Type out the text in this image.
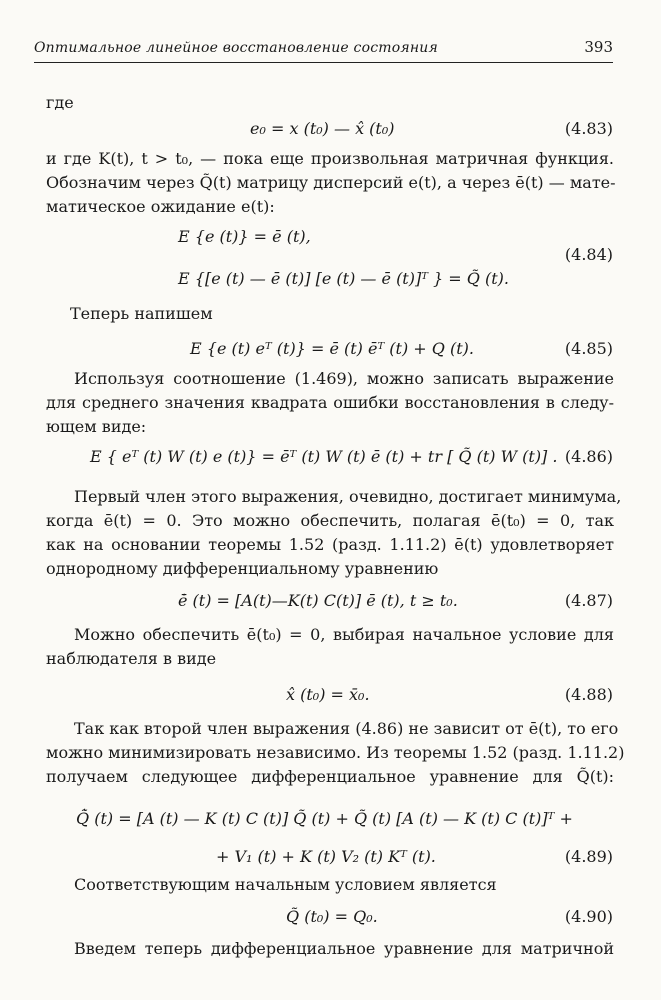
Оптимальное линейное восстановление состояния	393
где
e₀ = x (t₀) — x̂ (t₀)	(4.83)
и где K(t), t > t₀, — пока еще произвольная матричная функция.
Обозначим через Q̃(t) матрицу дисперсий e(t), а через ē(t) — мате-
матическое ожидание e(t):
E {e (t)} = ē (t),
(4.84)
E {[e (t) — ē (t)] [e (t) — ē (t)]ᵀ } = Q̃ (t).
Теперь напишем
E {e (t) eᵀ (t)} = ē (t) ēᵀ (t) + Q (t).	(4.85)
Используя соотношение (1.469), можно записать выражение
для среднего значения квадрата ошибки восстановления в следу-
ющем виде:
E { eᵀ (t) W (t) e (t)} = ēᵀ (t) W (t) ē (t) + tr [ Q̃ (t) W (t)] . (4.86)
Первый член этого выражения, очевидно, достигает минимума,
когда ē(t) = 0. Это можно обеспечить, полагая ē(t₀) = 0, так
как на основании теоремы 1.52 (разд. 1.11.2) ē(t) удовлетворяет
однородному дифференциальному уравнению
ē̇ (t) = [A(t)—K(t) C(t)] ē (t), t ≥ t₀.	(4.87)
Можно обеспечить ē(t₀) = 0, выбирая начальное условие для
наблюдателя в виде
x̂ (t₀) = x̄₀.	(4.88)
Так как второй член выражения (4.86) не зависит от ē(t), то его
можно минимизировать независимо. Из теоремы 1.52 (разд. 1.11.2)
получаем следующее дифференциальное уравнение для Q̃(t):
Q̃̇ (t) = [A (t) — K (t) C (t)] Q̃ (t) + Q̃ (t) [A (t) — K (t) C (t)]ᵀ +
+ V₁ (t) + K (t) V₂ (t) Kᵀ (t).	(4.89)
Соответствующим начальным условием является
Q̃ (t₀) = Q₀.	(4.90)
Введем теперь дифференциальное уравнение для матричной
